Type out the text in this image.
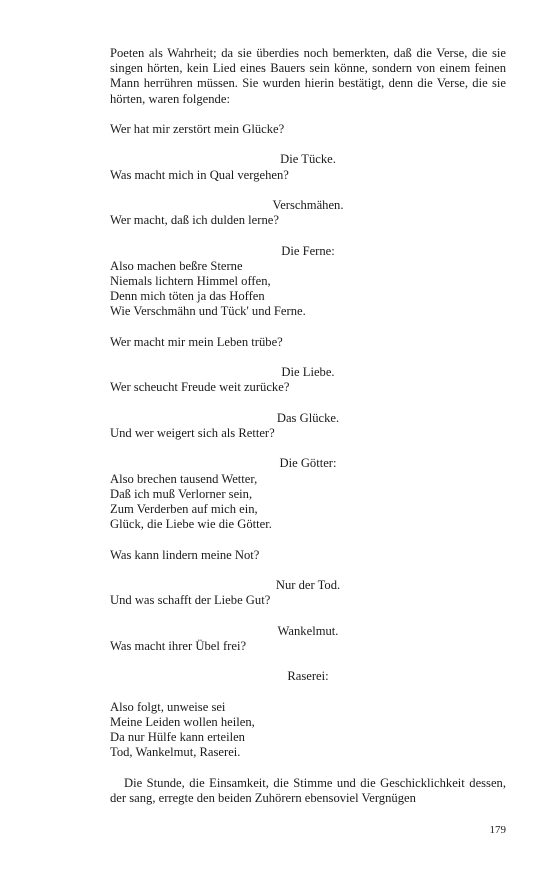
Poeten als Wahrheit; da sie überdies noch bemerkten, daß die Verse, die sie singen hörten, kein Lied eines Bauers sein könne, sondern von einem feinen Mann herrühren müssen. Sie wurden hierin bestätigt, denn die Verse, die sie hörten, waren folgende:

Wer hat mir zerstört mein Glücke?
Die Tücke.
Was macht mich in Qual vergehen?
Verschmähen.
Wer macht, daß ich dulden lerne?
Die Ferne:
Also machen beßre Sterne
Niemals lichtern Himmel offen,
Denn mich töten ja das Hoffen
Wie Verschmähn und Tück' und Ferne.
Wer macht mir mein Leben trübe?
Die Liebe.
Wer scheucht Freude weit zurücke?
Das Glücke.
Und wer weigert sich als Retter?
Die Götter:
Also brechen tausend Wetter,
Daß ich muß Verlorner sein,
Zum Verderben auf mich ein,
Glück, die Liebe wie die Götter.
Was kann lindern meine Not?
Nur der Tod.
Und was schafft der Liebe Gut?
Wankelmut.
Was macht ihrer Übel frei?
Raserei:
Also folgt, unweise sei
Meine Leiden wollen heilen,
Da nur Hülfe kann erteilen
Tod, Wankelmut, Raserei.

Die Stunde, die Einsamkeit, die Stimme und die Geschicklichkeit dessen, der sang, erregte den beiden Zuhörern ebensoviel Vergnügen

179
